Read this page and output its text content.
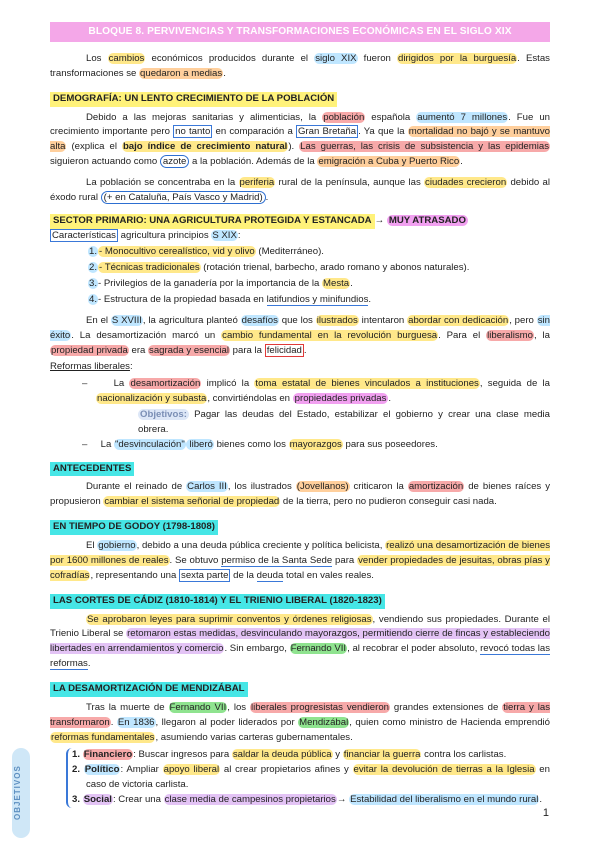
BLOQUE 8. PERVIVENCIAS Y TRANSFORMACIONES ECONÓMICAS EN EL SIGLO XIX

Los cambios económicos producidos durante el siglo XIX fueron dirigidos por la burguesía. Estas transformaciones se quedaron a medias.

DEMOGRAFÍA: UN LENTO CRECIMIENTO DE LA POBLACIÓN

Debido a las mejoras sanitarias y alimenticias, la población española aumentó 7 millones. Fue un crecimiento importante pero no tanto en comparación a Gran Bretaña . Ya que la mortalidad no bajó y se mantuvo alta (explica el bajo índice de crecimiento natural). Las guerras, las crisis de subsistencia y las epidemias siguieron actuando como azote a la población. Además de la emigración a Cuba y Puerto Rico.

La población se concentraba en la periferia rural de la península, aunque las ciudades crecieron debido al éxodo rural (+ en Cataluña, País Vasco y Madrid) .

SECTOR PRIMARIO: UNA AGRICULTURA PROTEGIDA Y ESTANCADA → MUY ATRASADO

Características agricultura principios S XIX:

1. - Monocultivo cerealístico, vid y olivo (Mediterráneo).
2. - Técnicas tradicionales (rotación trienal, barbecho, arado romano y abonos naturales).
3.- Privilegios de la ganadería por la importancia de la Mesta.
4.- Estructura de la propiedad basada en latifundios y minifundios.

En el S XVIII, la agricultura planteó desafíos que los ilustrados intentaron abordar con dedicación, pero sin éxito. La desamortización marcó un cambio fundamental en la revolución burguesa. Para el liberalismo, la propiedad privada era sagrada y esencial para la felicidad .

Reformas liberales:

–     La desamortización implicó la toma estatal de bienes vinculados a instituciones, seguida de la nacionalización y subasta, convirtiéndolas en propiedades privadas .
Objetivos: Pagar las deudas del Estado, estabilizar el gobierno y crear una clase media obrera.
–     La "desvinculación" liberó bienes como los mayorazgos para sus poseedores.
ANTECEDENTES

Durante el reinado de Carlos III, los ilustrados (Jovellanos) criticaron la amortización de bienes raíces y propusieron cambiar el sistema señorial de propiedad de la tierra, pero no pudieron conseguir casi nada.

EN TIEMPO DE GODOY (1798-1808)

El gobierno, debido a una deuda pública creciente y política belicista, realizó una desamortización de bienes por 1600 millones de reales. Se obtuvo permiso de la Santa Sede para vender propiedades de jesuitas, obras pías y cofradías, representando una sexta parte de la deuda total en vales reales.

LAS CORTES DE CÁDIZ (1810-1814) Y EL TRIENIO LIBERAL (1820-1823)

Se aprobaron leyes para suprimir conventos y órdenes religiosas, vendiendo sus propiedades. Durante el Trienio Liberal se retomaron estas medidas, desvinculando mayorazgos, permitiendo cierre de fincas y estableciendo libertades en arrendamientos y comercio. Sin embargo, Fernando VII, al recobrar el poder absoluto, revocó todas las reformas.

LA DESAMORTIZACIÓN DE MENDIZÁBAL

Tras la muerte de Fernando VII, los liberales progresistas vendieron grandes extensiones de tierra y las transformaron. En 1836, llegaron al poder liderados por Mendizábal, quien como ministro de Hacienda emprendió reformas fundamentales, asumiendo varias carteras gubernamentales.

OBJETIVOS
1. Financiero: Buscar ingresos para saldar la deuda pública y financiar la guerra contra los carlistas.
2. Político: Ampliar apoyo liberal al crear propietarios afines y evitar la devolución de tierras a la Iglesia en caso de victoria carlista.
3. Social: Crear una clase media de campesinos propietarios→ Estabilidad del liberalismo en el mundo rural.
1
